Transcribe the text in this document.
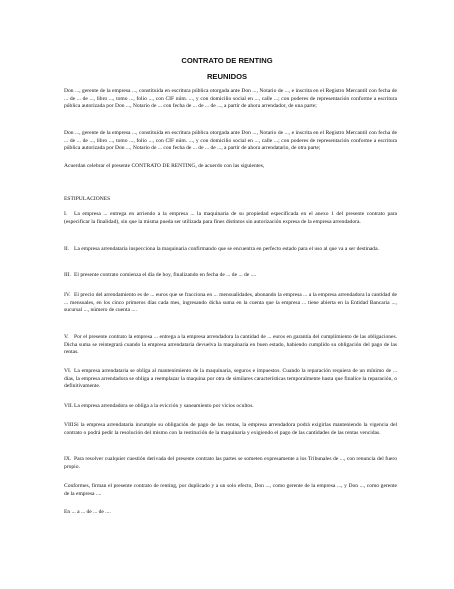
CONTRATO DE RENTING
REUNIDOS

Don ..., gerente de la empresa ..., constituida en escritura pública otorgada ante Don ..., Notario de ..., e inscrita en el Registro Mercantil con fecha de ... de ... de ..., libro ..., tomo ..., folio ..., con CIF núm. ..., y con domicilio social en ..., calle ...; con poderes de representación conforme a escritura pública autorizada por Don ..., Notario de ... con fecha de ... de ... de ..., a partir de ahora arrendador, de una parte;

Don ..., gerente de la empresa ..., constituida en escritura pública otorgada ante Don ..., Notario de ..., e inscrita en el Registro Mercantil con fecha de ... de ... de ..., libro ..., tomo ..., folio ..., con CIF núm. ..., y con domicilio social en ..., calle ...; con poderes de representación conforme a escritura pública autorizada por Don ..., Notario de ... con fecha de ... de ... de ..., a partir de ahora arrendatario, de otra parte;

Acuerdan celebrar el presente CONTRATO DE RENTING, de acuerdo con las siguientes,

ESTIPULACIONES

I. La empresa ... entrega en arriendo a la empresa ... la maquinaria de su propiedad especificada en el anexo 1 del presente contrato para (especificar la finalidad), sin que la misma pueda ser utilizada para fines distintos sin autorización expresa de la empresa arrendadora.

II. La empresa arrendataria inspecciona la maquinaria confirmando que se encuentra en perfecto estado para el uso al que va a ser destinada.

III. El presente contrato comienza el día de hoy, finalizando en fecha de ... de ... de ....

IV. El precio del arrendamiento es de ... euros que se fracciona en ... mensualidades, abonando la empresa ... a la empresa arrendadora la cantidad de ... mensuales, en los cinco primeros días cada mes, ingresando dicha suma en la cuenta que la empresa ... tiene abierta en la Entidad Bancaria ..., sucursal ..., número de cuenta ....

V. Por el presente contrato la empresa ... entrega a la empresa arrendadora la cantidad de ... euros en garantía del cumplimiento de las obligaciones. Dicha suma se reintegrará cuando la empresa arrendataria devuelva la maquinaria en buen estado, habiendo cumplido su obligación del pago de las rentas.

VI. La empresa arrendataria se obliga al mantenimiento de la maquinaria, seguros e impuestos. Cuando la reparación requiera de un mínimo de ... días, la empresa arrendadora se obliga a reemplazar la maquina por otra de similares características temporalmente hasta que finalice la reparación, o definitivamente.

VII.La empresa arrendadora se obliga a la evicción y saneamiento por vicios ocultos.

VIII.Si la empresa arrendataria incumple su obligación de pago de las rentas, la empresa arrendadora podrá exigirlas manteniendo la vigencia del contrato o podrá pedir la resolución del mismo con la restitución de la maquinaria y exigiendo el pago de las cantidades de las rentas vencidas.

IX. Para resolver cualquier cuestión derivada del presente contrato las partes se someten expresamente a los Tribunales de ..., con renuncia del fuero propio.

Conformes, firman el presente contrato de renting, por duplicado y a un solo efecto, Don ..., como gerente de la empresa ..., y Don ..., como gerente de la empresa ....

En ... a ... de ... de ....
